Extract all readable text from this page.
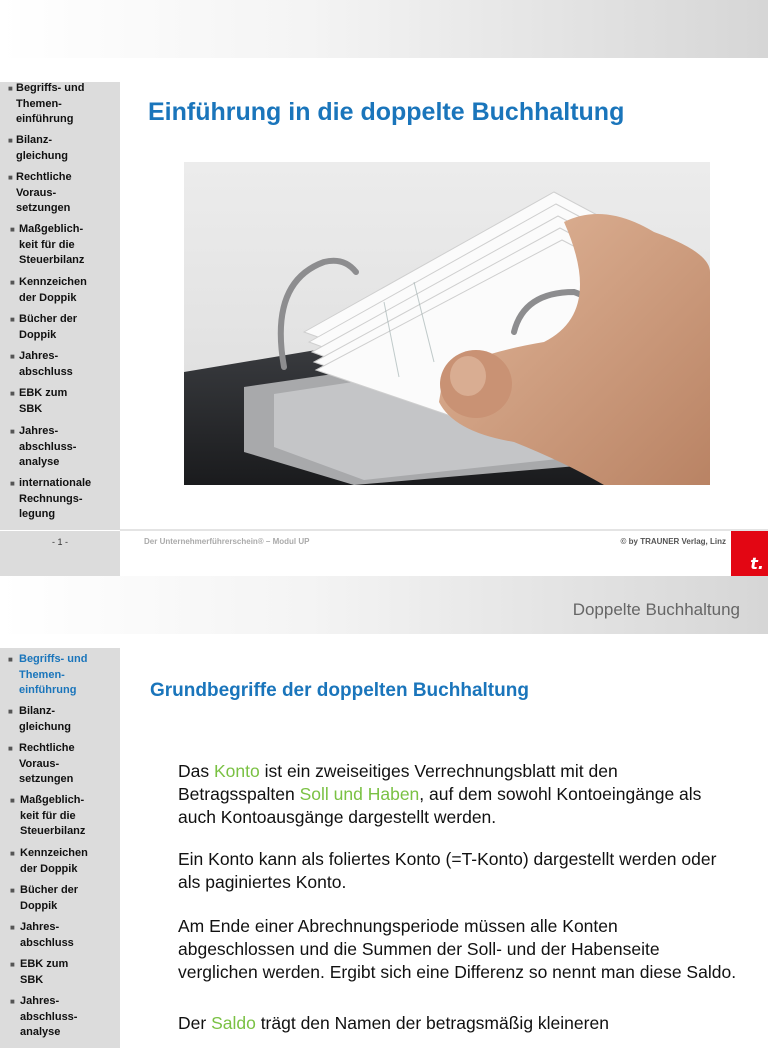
■ Begriffs- und
Themen-
einführung
■ Bilanz-
gleichung
■ Rechtliche
Voraus-
setzungen
■ Maßgeblich-
keit für die
Steuerbilanz
■ Kennzeichen
der Doppik
■ Bücher der
Doppik
■ Jahres-
abschluss
■ EBK zum
SBK
■ Jahres-
abschluss-
analyse
■ internationale
Rechnungs-
legung
Einführung in die doppelte Buchhaltung
- 1 -	Der Unternehmerführerschein® – Modul UP	© by TRAUNER Verlag, Linz
t.
Doppelte Buchhaltung
■ Begriffs- und
Themen-
einführung
■ Bilanz-
gleichung
■ Rechtliche
Voraus-
setzungen
■ Maßgeblich-
keit für die
Steuerbilanz
■ Kennzeichen
der Doppik
■ Bücher der
Doppik
■ Jahres-
abschluss
■ EBK zum
SBK
■ Jahres-
abschluss-
analyse
Grundbegriffe der doppelten Buchhaltung

Das Konto ist ein zweiseitiges Verrechnungsblatt mit den Betragsspalten Soll und Haben, auf dem sowohl Kontoeingänge als auch Kontoausgänge dargestellt werden.

Ein Konto kann als foliertes Konto (=T-Konto) dargestellt werden oder als paginiertes Konto.

Am Ende einer Abrechnungsperiode müssen alle Konten abgeschlossen und die Summen der Soll- und der Habenseite verglichen werden. Ergibt sich eine Differenz so nennt man diese Saldo.

Der Saldo trägt den Namen der betragsmäßig kleineren
